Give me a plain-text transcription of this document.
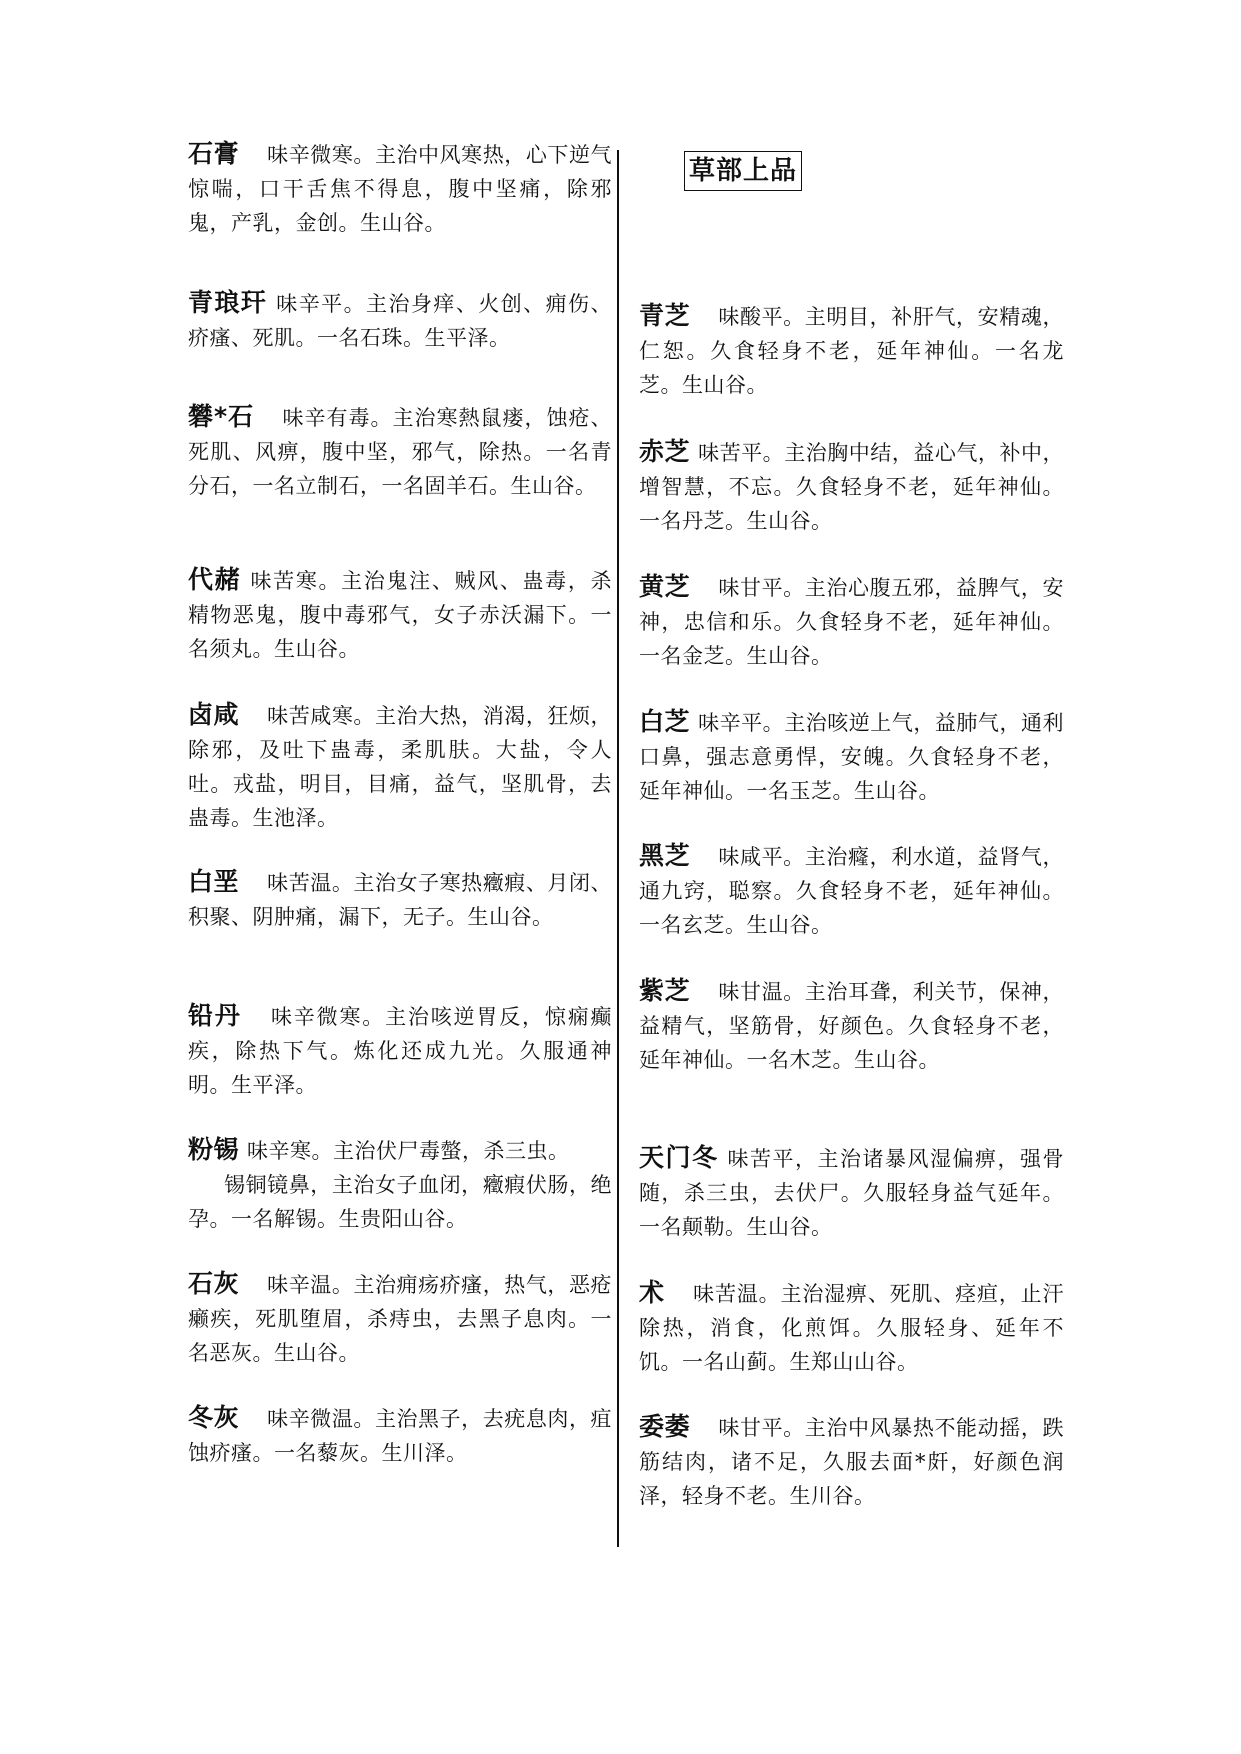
石膏 味辛微寒。主治中风寒热，心下逆气惊喘，口干舌焦不得息，腹中坚痛，除邪鬼，产乳，金创。生山谷。
青琅玕 味辛平。主治身痒、火创、痈伤、疥瘙、死肌。一名石珠。生平泽。
礬*石 味辛有毒。主治寒熱鼠瘘，蚀疮、死肌、风痹，腹中坚，邪气，除热。一名青分石，一名立制石，一名固羊石。生山谷。
代赭 味苦寒。主治鬼注、贼风、蛊毒，杀精物恶鬼，腹中毒邪气，女子赤沃漏下。一名须丸。生山谷。
卤咸 味苦咸寒。主治大热，消渴，狂烦，除邪，及吐下蛊毒，柔肌肤。大盐，令人吐。戎盐，明目，目痛，益气，坚肌骨，去蛊毒。生池泽。
白垩 味苦温。主治女子寒热癥瘕、月闭、积聚、阴肿痛，漏下，无子。生山谷。
铅丹 味辛微寒。主治咳逆胃反，惊痫癫疾，除热下气。炼化还成九光。久服通神明。生平泽。
粉锡 味辛寒。主治伏尸毒螫，杀三虫。
锡铜镜鼻，主治女子血闭，癥瘕伏肠，绝孕。一名解锡。生贵阳山谷。
石灰 味辛温。主治痈疡疥瘙，热气，恶疮癞疾，死肌堕眉，杀痔虫，去黑子息肉。一名恶灰。生山谷。
冬灰 味辛微温。主治黑子，去疣息肉，疽蚀疥瘙。一名藜灰。生川泽。
草部上品
青芝 味酸平。主明目，补肝气，安精魂，仁恕。久食轻身不老，延年神仙。一名龙芝。生山谷。
赤芝 味苦平。主治胸中结，益心气，补中，增智慧，不忘。久食轻身不老，延年神仙。一名丹芝。生山谷。
黄芝 味甘平。主治心腹五邪，益脾气，安神，忠信和乐。久食轻身不老，延年神仙。一名金芝。生山谷。
白芝 味辛平。主治咳逆上气，益肺气，通利口鼻，强志意勇悍，安魄。久食轻身不老，延年神仙。一名玉芝。生山谷。
黑芝 味咸平。主治癃，利水道，益肾气，通九窍，聪察。久食轻身不老，延年神仙。一名玄芝。生山谷。
紫芝 味甘温。主治耳聋，利关节，保神，益精气，坚筋骨，好颜色。久食轻身不老，延年神仙。一名木芝。生山谷。
天门冬 味苦平，主治诸暴风湿偏痹，强骨随，杀三虫，去伏尸。久服轻身益气延年。一名颠勒。生山谷。
术 味苦温。主治湿痹、死肌、痉疸，止汗除热，消食，化煎饵。久服轻身、延年不饥。一名山蓟。生郑山山谷。
委萎 味甘平。主治中风暴热不能动摇，跌筋结肉，诸不足，久服去面*皯，好颜色润泽，轻身不老。生川谷。
